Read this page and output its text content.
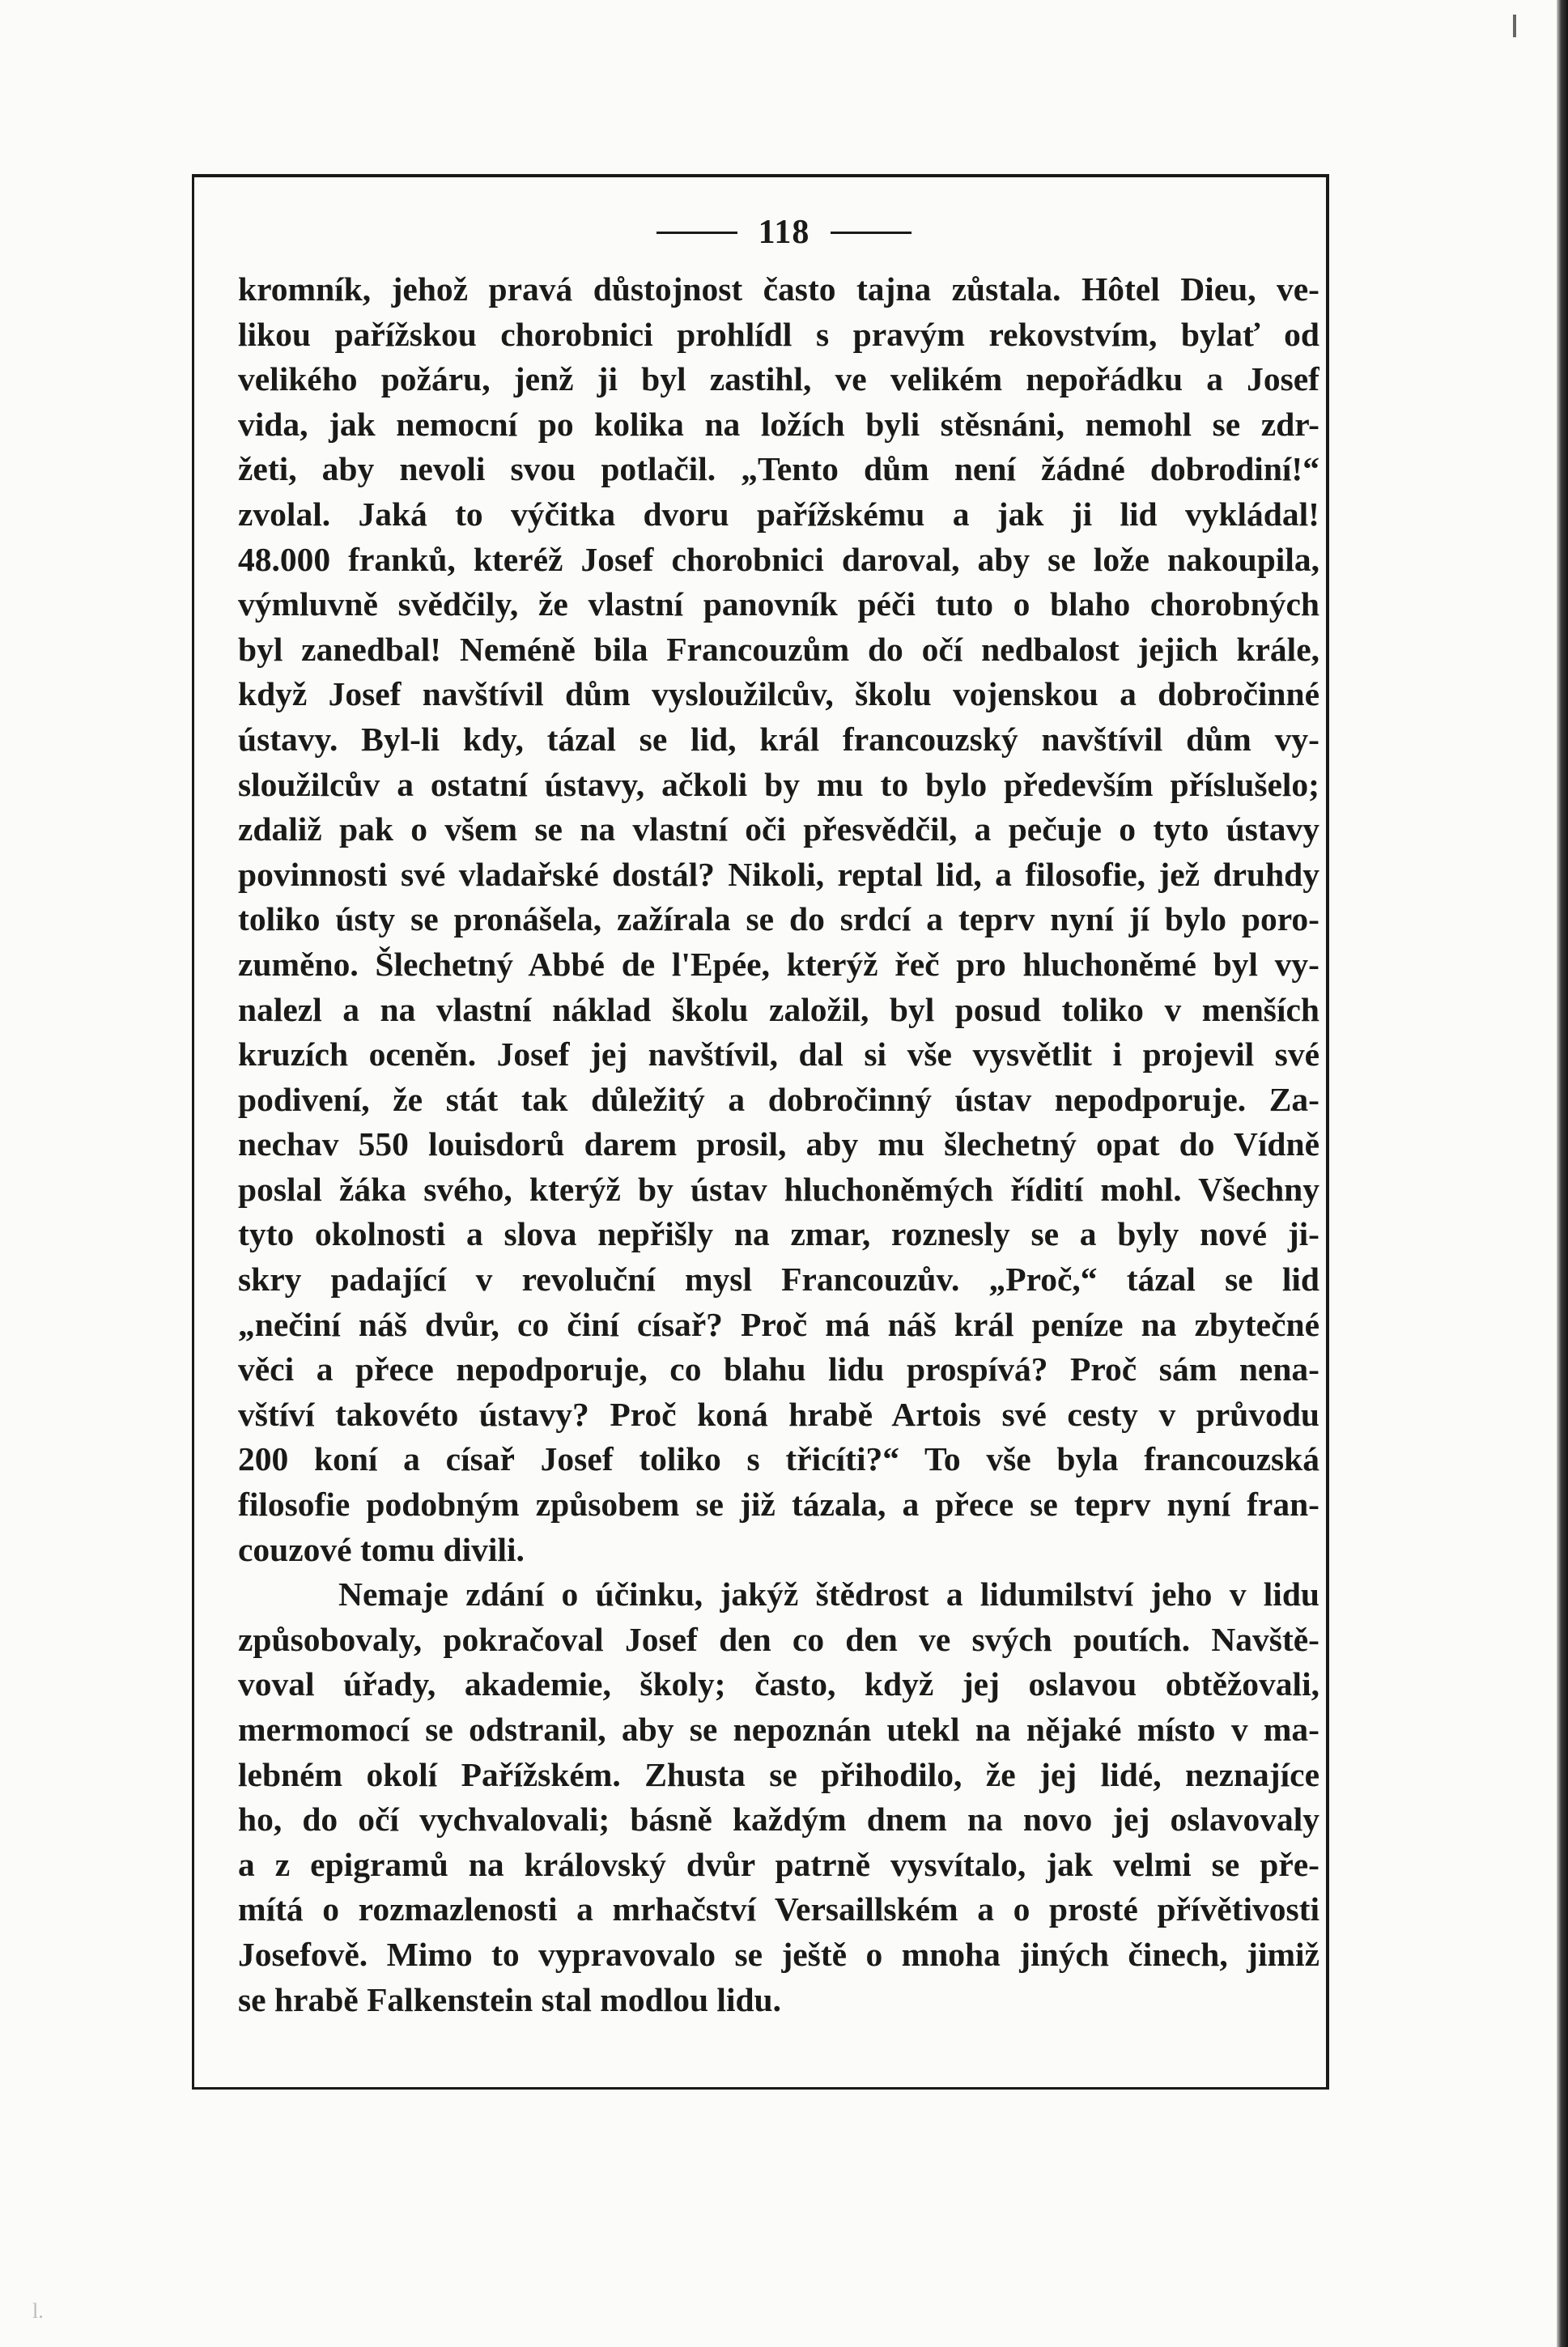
118
kromník, jehož pravá důstojnost často tajna zůstala. Hôtel Dieu, ve-
likou pařížskou chorobnici prohlídl s pravým rekovstvím, bylať od
velikého požáru, jenž ji byl zastihl, ve velikém nepořádku a Josef
vida, jak nemocní po kolika na ložích byli stěsnáni, nemohl se zdr-
žeti, aby nevoli svou potlačil. „Tento dům není žádné dobrodiní!“
zvolal. Jaká to výčitka dvoru pařížskému a jak ji lid vykládal!
48.000 franků, kteréž Josef chorobnici daroval, aby se lože nakoupila,
výmluvně svědčily, že vlastní panovník péči tuto o blaho chorobných
byl zanedbal! Neméně bila Francouzům do očí nedbalost jejich krále,
když Josef navštívil dům vysloužilcův, školu vojenskou a dobročinné
ústavy. Byl-li kdy, tázal se lid, král francouzský navštívil dům vy-
sloužilcův a ostatní ústavy, ačkoli by mu to bylo především příslušelo;
zdaliž pak o všem se na vlastní oči přesvědčil, a pečuje o tyto ústavy
povinnosti své vladařské dostál? Nikoli, reptal lid, a filosofie, jež druhdy
toliko ústy se pronášela, zažírala se do srdcí a teprv nyní jí bylo poro-
zuměno. Šlechetný Abbé de l'Epée, kterýž řeč pro hluchoněmé byl vy-
nalezl a na vlastní náklad školu založil, byl posud toliko v menších
kruzích oceněn. Josef jej navštívil, dal si vše vysvětlit i projevil své
podivení, že stát tak důležitý a dobročinný ústav nepodporuje. Za-
nechav 550 louisdorů darem prosil, aby mu šlechetný opat do Vídně
poslal žáka svého, kterýž by ústav hluchoněmých řídití mohl. Všechny
tyto okolnosti a slova nepřišly na zmar, roznesly se a byly nové ji-
skry padající v revoluční mysl Francouzův. „Proč,“ tázal se lid
„nečiní náš dvůr, co činí císař? Proč má náš král peníze na zbytečné
věci a přece nepodporuje, co blahu lidu prospívá? Proč sám nena-
vštíví takovéto ústavy? Proč koná hrabě Artois své cesty v průvodu
200 koní a císař Josef toliko s třicíti?“ To vše byla francouzská
filosofie podobným způsobem se již tázala, a přece se teprv nyní fran-
couzové tomu divili.
Nemaje zdání o účinku, jakýž štědrost a lidumilství jeho v lidu
způsobovaly, pokračoval Josef den co den ve svých poutích. Navště-
voval úřady, akademie, školy; často, když jej oslavou obtěžovali,
mermomocí se odstranil, aby se nepoznán utekl na nějaké místo v ma-
lebném okolí Pařížském. Zhusta se přihodilo, že jej lidé, neznajíce
ho, do očí vychvalovali; básně každým dnem na novo jej oslavovaly
a z epigramů na královský dvůr patrně vysvítalo, jak velmi se pře-
mítá o rozmazlenosti a mrhačství Versaillském a o prosté přívětivosti
Josefově. Mimo to vypravovalo se ještě o mnoha jiných činech, jimiž
se hrabě Falkenstein stal modlou lidu.
l.
